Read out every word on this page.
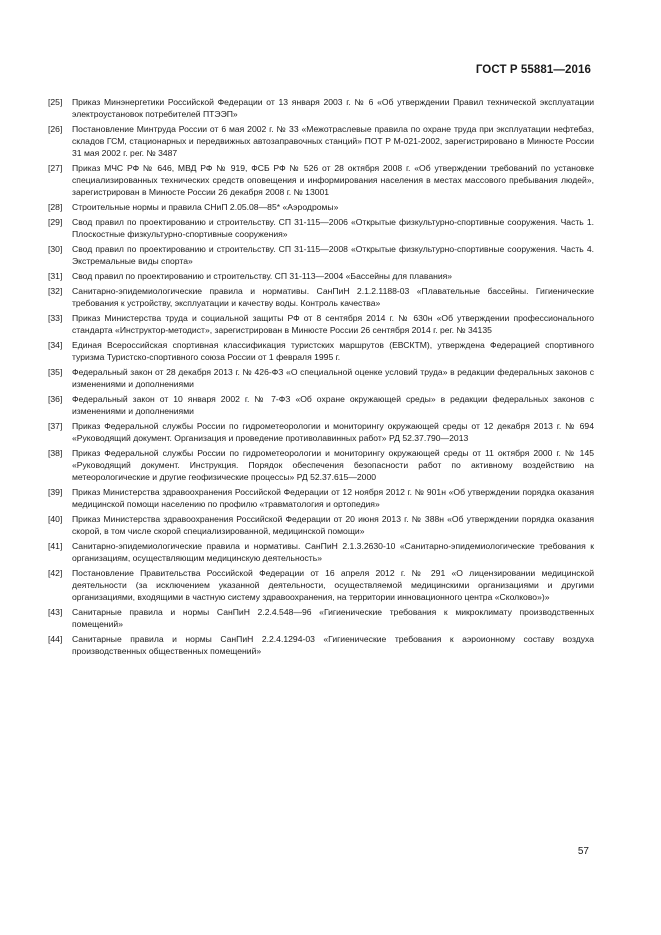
ГОСТ Р 55881—2016
[25]	Приказ Минэнергетики Российской Федерации от 13 января 2003 г. № 6 «Об утверждении Правил технической эксплуатации электроустановок потребителей ПТЭЭП»
[26]	Постановление Минтруда России от 6 мая 2002 г. № 33 «Межотраслевые правила по охране труда при эксплуатации нефтебаз, складов ГСМ, стационарных и передвижных автозаправочных станций» ПОТ Р М-021-2002, зарегистрировано в Минюсте России 31 мая 2002 г. рег. № 3487
[27]	Приказ МЧС РФ № 646, МВД РФ № 919, ФСБ РФ № 526 от 28 октября 2008 г. «Об утверждении требований по установке специализированных технических средств оповещения и информирования населения в местах массового пребывания людей», зарегистрирован в Минюсте России 26 декабря 2008 г. № 13001
[28]	Строительные нормы и правила СНиП 2.05.08—85* «Аэродромы»
[29]	Свод правил по проектированию и строительству. СП 31-115—2006 «Открытые физкультурно-спортивные сооружения. Часть 1. Плоскостные физкультурно-спортивные сооружения»
[30]	Свод правил по проектированию и строительству. СП 31-115—2008 «Открытые физкультурно-спортивные сооружения. Часть 4. Экстремальные виды спорта»
[31]	Свод правил по проектированию и строительству. СП 31-113—2004 «Бассейны для плавания»
[32]	Санитарно-эпидемиологические правила и нормативы. СанПиН 2.1.2.1188-03 «Плавательные бассейны. Гигиенические требования к устройству, эксплуатации и качеству воды. Контроль качества»
[33]	Приказ Министерства труда и социальной защиты РФ от 8 сентября 2014 г. № 630н «Об утверждении профессионального стандарта «Инструктор-методист», зарегистрирован в Минюсте России 26 сентября 2014 г. рег. № 34135
[34]	Единая Всероссийская спортивная классификация туристских маршрутов (ЕВСКТМ), утверждена Федерацией спортивного туризма Туристско-спортивного союза России от 1 февраля 1995 г.
[35]	Федеральный закон от 28 декабря 2013 г. № 426-ФЗ «О специальной оценке условий труда» в редакции федеральных законов с изменениями и дополнениями
[36]	Федеральный закон от 10 января 2002 г. № 7-ФЗ «Об охране окружающей среды» в редакции федеральных законов с изменениями и дополнениями
[37]	Приказ Федеральной службы России по гидрометеорологии и мониторингу окружающей среды от 12 декабря 2013 г. № 694 «Руководящий документ. Организация и проведение противолавинных работ» РД 52.37.790—2013
[38]	Приказ Федеральной службы России по гидрометеорологии и мониторингу окружающей среды от 11 октября 2000 г. № 145 «Руководящий документ. Инструкция. Порядок обеспечения безопасности работ по активному воздействию на метеорологические и другие геофизические процессы» РД 52.37.615—2000
[39]	Приказ Министерства здравоохранения Российской Федерации от 12 ноября 2012 г. № 901н «Об утверждении порядка оказания медицинской помощи населению по профилю «травматология и ортопедия»
[40]	Приказ Министерства здравоохранения Российской Федерации от 20 июня 2013 г. № 388н «Об утверждении порядка оказания скорой, в том числе скорой специализированной, медицинской помощи»
[41]	Санитарно-эпидемиологические правила и нормативы. СанПиН 2.1.3.2630-10 «Санитарно-эпидемиологические требования к организациям, осуществляющим медицинскую деятельность»
[42]	Постановление Правительства Российской Федерации от 16 апреля 2012 г. № 291 «О лицензировании медицинской деятельности (за исключением указанной деятельности, осуществляемой медицинскими организациями и другими организациями, входящими в частную систему здравоохранения, на территории инновационного центра «Сколково»)»
[43]	Санитарные правила и нормы СанПиН 2.2.4.548—96 «Гигиенические требования к микроклимату производственных помещений»
[44]	Санитарные правила и нормы СанПиН 2.2.4.1294-03 «Гигиенические требования к аэроионному составу воздуха производственных общественных помещений»
57
